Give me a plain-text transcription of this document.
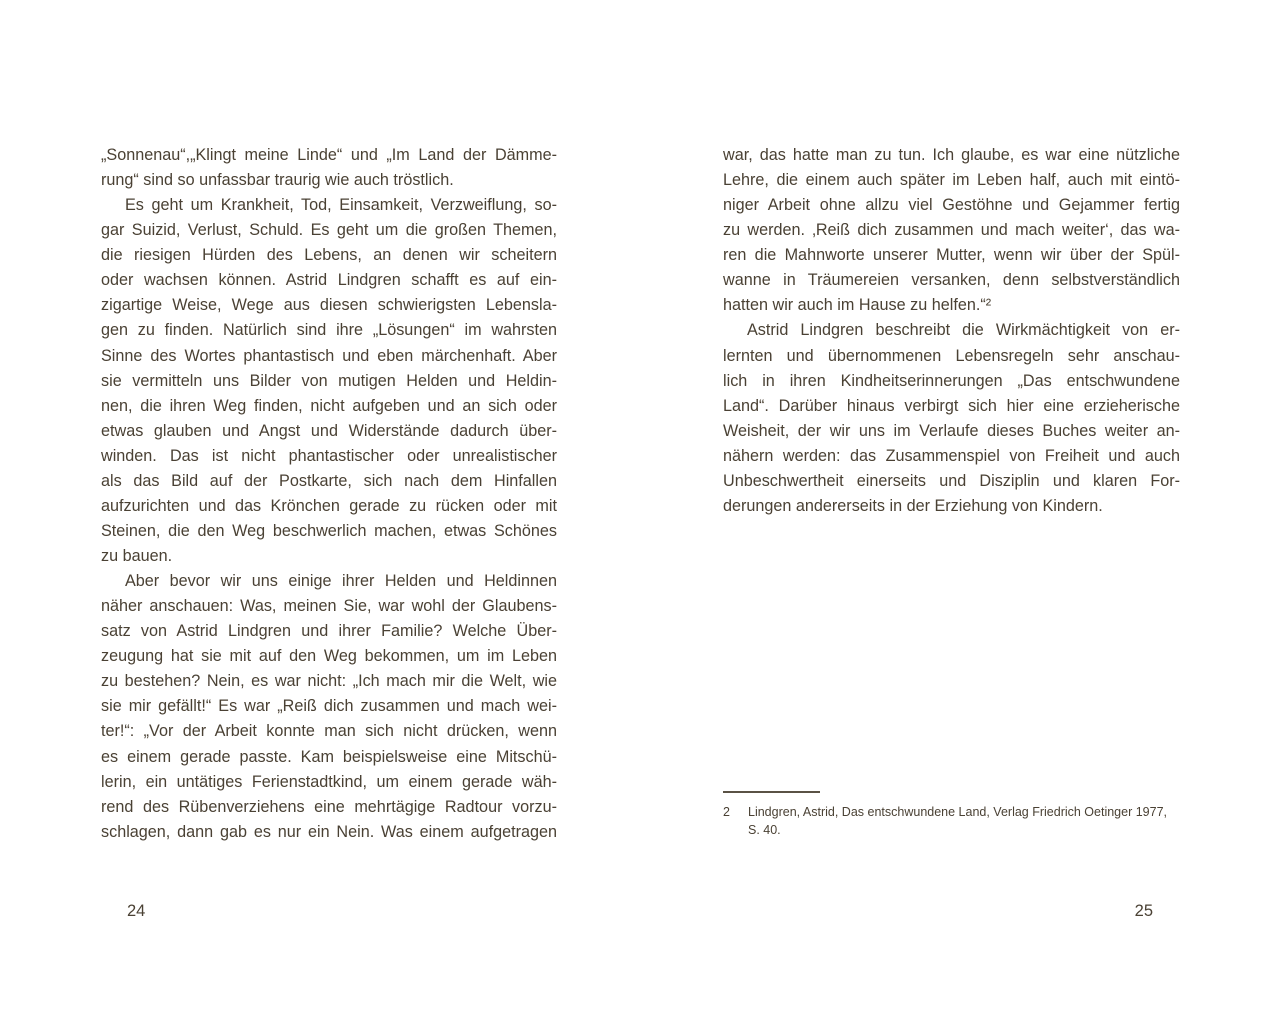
„Sonnenau“,„Klingt meine Linde“ und „Im Land der Dämme-
rung“ sind so unfassbar traurig wie auch tröstlich.
Es geht um Krankheit, Tod, Einsamkeit, Verzweiflung, so-
gar Suizid, Verlust, Schuld. Es geht um die großen Themen,
die riesigen Hürden des Lebens, an denen wir scheitern
oder wachsen können. Astrid Lindgren schafft es auf ein-
zigartige Weise, Wege aus diesen schwierigsten Lebensla-
gen zu finden. Natürlich sind ihre „Lösungen“ im wahrsten
Sinne des Wortes phantastisch und eben märchenhaft. Aber
sie vermitteln uns Bilder von mutigen Helden und Heldin-
nen, die ihren Weg finden, nicht aufgeben und an sich oder
etwas glauben und Angst und Widerstände dadurch über-
winden. Das ist nicht phantastischer oder unrealistischer
als das Bild auf der Postkarte, sich nach dem Hinfallen
aufzurichten und das Krönchen gerade zu rücken oder mit
Steinen, die den Weg beschwerlich machen, etwas Schönes
zu bauen.
Aber bevor wir uns einige ihrer Helden und Heldinnen
näher anschauen: Was, meinen Sie, war wohl der Glaubens-
satz von Astrid Lindgren und ihrer Familie? Welche Über-
zeugung hat sie mit auf den Weg bekommen, um im Leben
zu bestehen? Nein, es war nicht: „Ich mach mir die Welt, wie
sie mir gefällt!“ Es war „Reiß dich zusammen und mach wei-
ter!“: „Vor der Arbeit konnte man sich nicht drücken, wenn
es einem gerade passte. Kam beispielsweise eine Mitschü-
lerin, ein untätiges Ferienstadtkind, um einem gerade wäh-
rend des Rübenverziehens eine mehrtägige Radtour vorzu-
schlagen, dann gab es nur ein Nein. Was einem aufgetragen
24
war, das hatte man zu tun. Ich glaube, es war eine nützliche
Lehre, die einem auch später im Leben half, auch mit eintö-
niger Arbeit ohne allzu viel Gestöhne und Gejammer fertig
zu werden. ‚Reiß dich zusammen und mach weiter‘, das wa-
ren die Mahnworte unserer Mutter, wenn wir über der Spül-
wanne in Träumereien versanken, denn selbstverständlich
hatten wir auch im Hause zu helfen.“²
Astrid Lindgren beschreibt die Wirkmächtigkeit von er-
lernten und übernommenen Lebensregeln sehr anschau-
lich in ihren Kindheitserinnerungen „Das entschwundene
Land“. Darüber hinaus verbirgt sich hier eine erzieherische
Weisheit, der wir uns im Verlaufe dieses Buches weiter an-
nähern werden: das Zusammenspiel von Freiheit und auch
Unbeschwertheit einerseits und Disziplin und klaren For-
derungen andererseits in der Erziehung von Kindern.
2 Lindgren, Astrid, Das entschwundene Land, Verlag Friedrich Oetinger 1977, S. 40.
25
